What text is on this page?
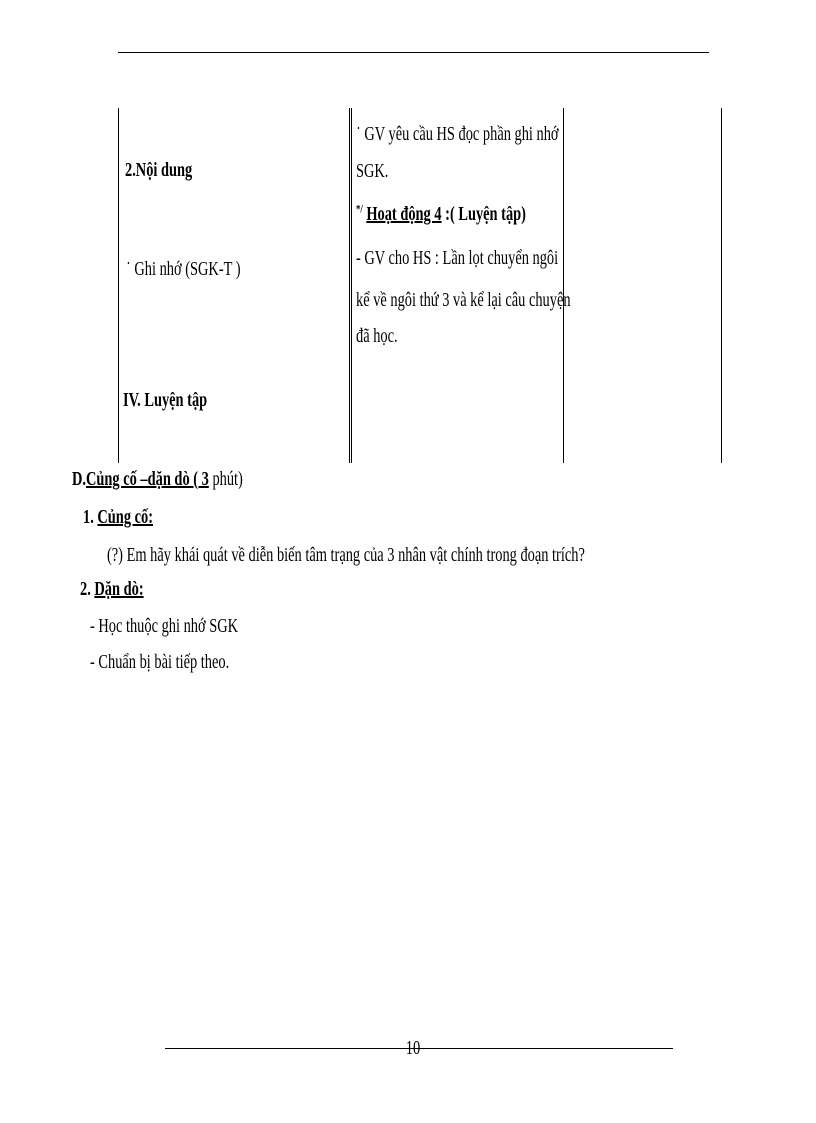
2.Nội dung
˙ Ghi nhớ (SGK-T )
IV. Luyện tập
˙ GV yêu cầu HS đọc phần ghi nhớ
SGK.
*/ Hoạt động 4 :( Luyện tập)
- GV cho HS : Lần lọt chuyển ngôi
kể về ngôi thứ 3 và kể lại câu chuyện
đã học.
D.Củng cố –dặn dò ( 3 phút)
1. Củng cố:
(?) Em hãy khái quát về diễn biến tâm trạng của 3 nhân vật chính trong đoạn trích?
2. Dặn dò:
- Học thuộc ghi nhớ SGK
- Chuẩn bị bài tiếp theo.
10
